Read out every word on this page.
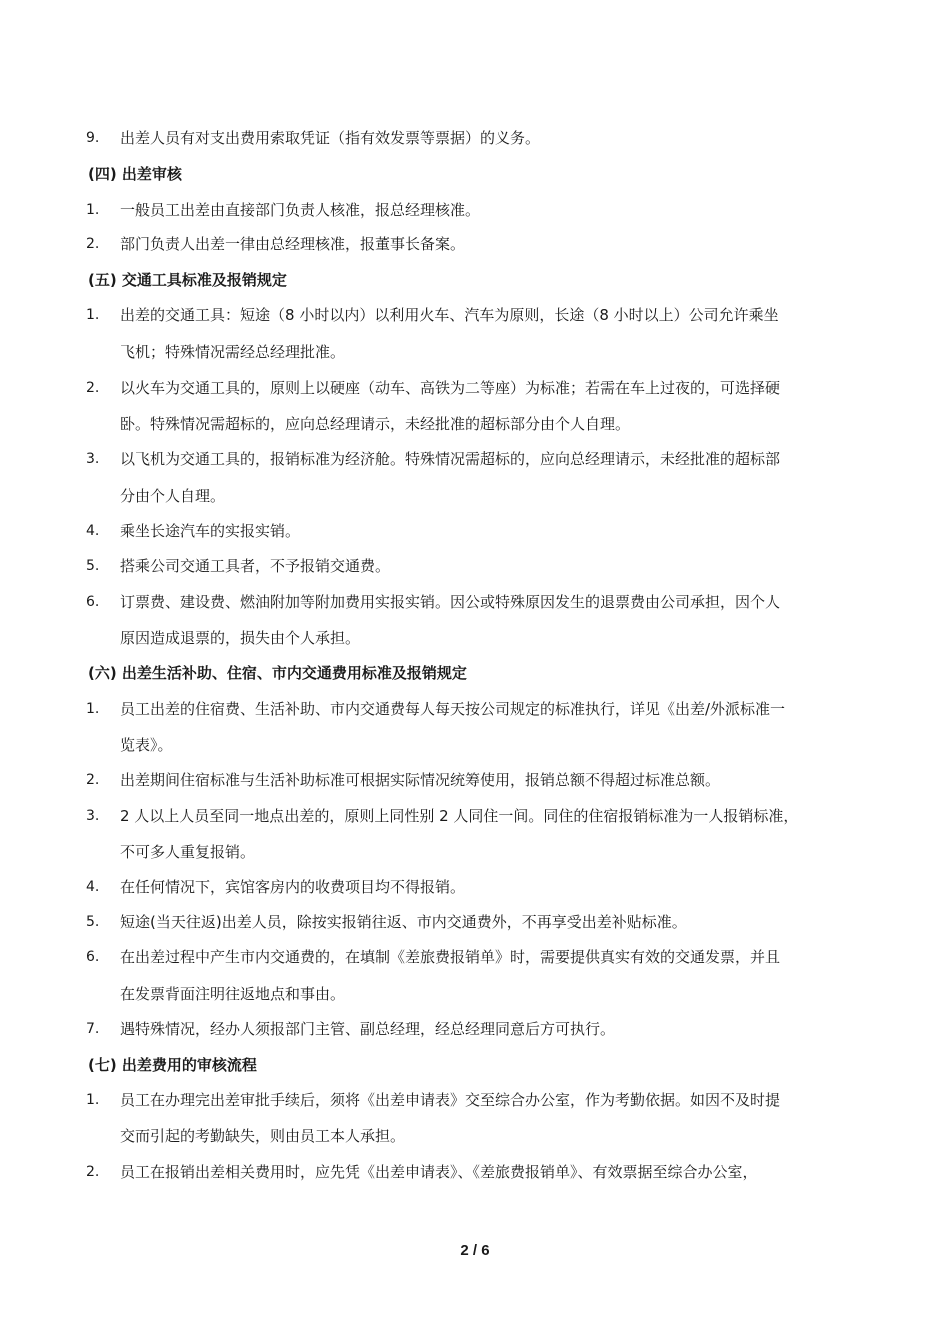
9. 出差人员有对支出费用索取凭证（指有效发票等票据）的义务。
(四) 出差审核
1. 一般员工出差由直接部门负责人核准，报总经理核准。
2. 部门负责人出差一律由总经理核准，报董事长备案。
(五) 交通工具标准及报销规定
1. 出差的交通工具：短途（8 小时以内）以利用火车、汽车为原则，长途（8 小时以上）公司允许乘坐
飞机；特殊情况需经总经理批准。
2. 以火车为交通工具的，原则上以硬座（动车、高铁为二等座）为标准；若需在车上过夜的，可选择硬
卧。特殊情况需超标的，应向总经理请示，未经批准的超标部分由个人自理。
3. 以飞机为交通工具的，报销标准为经济舱。特殊情况需超标的，应向总经理请示，未经批准的超标部
分由个人自理。
4. 乘坐长途汽车的实报实销。
5. 搭乘公司交通工具者，不予报销交通费。
6. 订票费、建设费、燃油附加等附加费用实报实销。因公或特殊原因发生的退票费由公司承担，因个人
原因造成退票的，损失由个人承担。
(六) 出差生活补助、住宿、市内交通费用标准及报销规定
1. 员工出差的住宿费、生活补助、市内交通费每人每天按公司规定的标准执行，详见《出差/外派标准一
览表》。
2. 出差期间住宿标准与生活补助标准可根据实际情况统筹使用，报销总额不得超过标准总额。
3. 2 人以上人员至同一地点出差的，原则上同性别 2 人同住一间。同住的住宿报销标准为一人报销标准，
不可多人重复报销。
4. 在任何情况下，宾馆客房内的收费项目均不得报销。
5. 短途(当天往返)出差人员，除按实报销往返、市内交通费外，不再享受出差补贴标准。
6. 在出差过程中产生市内交通费的，在填制《差旅费报销单》时，需要提供真实有效的交通发票，并且
在发票背面注明往返地点和事由。
7. 遇特殊情况，经办人须报部门主管、副总经理，经总经理同意后方可执行。
(七) 出差费用的审核流程
1. 员工在办理完出差审批手续后，须将《出差申请表》交至综合办公室，作为考勤依据。如因不及时提
交而引起的考勤缺失，则由员工本人承担。
2. 员工在报销出差相关费用时，应先凭《出差申请表》、《差旅费报销单》、有效票据至综合办公室，
2 / 6
